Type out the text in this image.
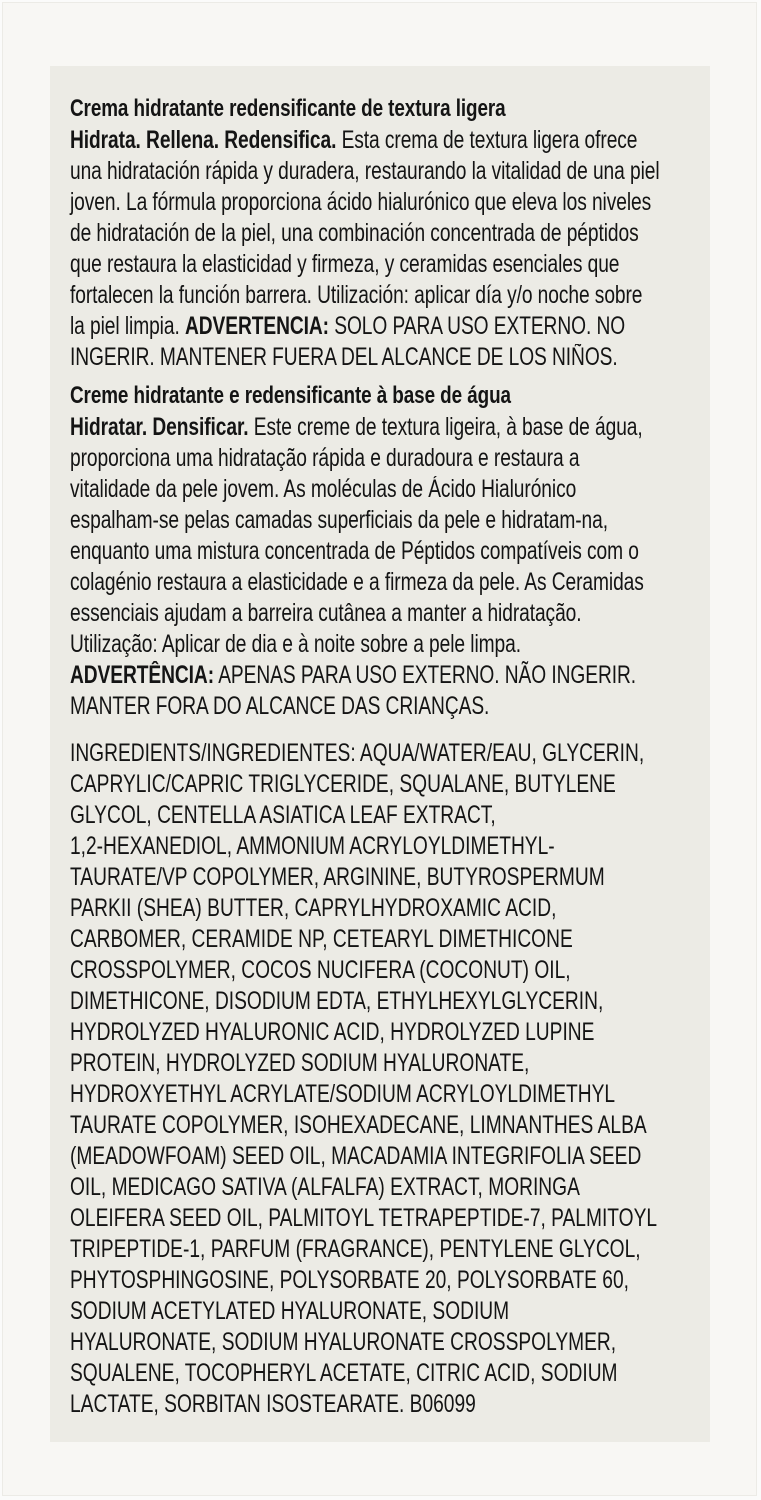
Crema hidratante redensificante de textura ligera
Hidrata. Rellena. Redensifica. Esta crema de textura ligera ofrece
una hidratación rápida y duradera, restaurando la vitalidad de una piel
joven. La fórmula proporciona ácido hialurónico que eleva los niveles
de hidratación de la piel, una combinación concentrada de péptidos
que restaura la elasticidad y firmeza, y ceramidas esenciales que
fortalecen la función barrera. Utilización: aplicar día y/o noche sobre
la piel limpia. ADVERTENCIA: SOLO PARA USO EXTERNO. NO
INGERIR. MANTENER FUERA DEL ALCANCE DE LOS NIÑOS.
Creme hidratante e redensificante à base de água
Hidratar. Densificar. Este creme de textura ligeira, à base de água,
proporciona uma hidratação rápida e duradoura e restaura a
vitalidade da pele jovem. As moléculas de Ácido Hialurónico
espalham-se pelas camadas superficiais da pele e hidratam-na,
enquanto uma mistura concentrada de Péptidos compatíveis com o
colagénio restaura a elasticidade e a firmeza da pele. As Ceramidas
essenciais ajudam a barreira cutânea a manter a hidratação.
Utilização: Aplicar de dia e à noite sobre a pele limpa.
ADVERTÊNCIA: APENAS PARA USO EXTERNO. NÃO INGERIR.
MANTER FORA DO ALCANCE DAS CRIANÇAS.
INGREDIENTS/INGREDIENTES: AQUA/WATER/EAU, GLYCERIN,
CAPRYLIC/CAPRIC TRIGLYCERIDE, SQUALANE, BUTYLENE
GLYCOL, CENTELLA ASIATICA LEAF EXTRACT,
1,2-HEXANEDIOL, AMMONIUM ACRYLOYLDIMETHYL-
TAURATE/VP COPOLYMER, ARGININE, BUTYROSPERMUM
PARKII (SHEA) BUTTER, CAPRYLHYDROXAMIC ACID,
CARBOMER, CERAMIDE NP, CETEARYL DIMETHICONE
CROSSPOLYMER, COCOS NUCIFERA (COCONUT) OIL,
DIMETHICONE, DISODIUM EDTA, ETHYLHEXYLGLYCERIN,
HYDROLYZED HYALURONIC ACID, HYDROLYZED LUPINE
PROTEIN, HYDROLYZED SODIUM HYALURONATE,
HYDROXYETHYL ACRYLATE/SODIUM ACRYLOYLDIMETHYL
TAURATE COPOLYMER, ISOHEXADECANE, LIMNANTHES ALBA
(MEADOWFOAM) SEED OIL, MACADAMIA INTEGRIFOLIA SEED
OIL, MEDICAGO SATIVA (ALFALFA) EXTRACT, MORINGA
OLEIFERA SEED OIL, PALMITOYL TETRAPEPTIDE-7, PALMITOYL
TRIPEPTIDE-1, PARFUM (FRAGRANCE), PENTYLENE GLYCOL,
PHYTOSPHINGOSINE, POLYSORBATE 20, POLYSORBATE 60,
SODIUM ACETYLATED HYALURONATE, SODIUM
HYALURONATE, SODIUM HYALURONATE CROSSPOLYMER,
SQUALENE, TOCOPHERYL ACETATE, CITRIC ACID, SODIUM
LACTATE, SORBITAN ISOSTEARATE. B06099
